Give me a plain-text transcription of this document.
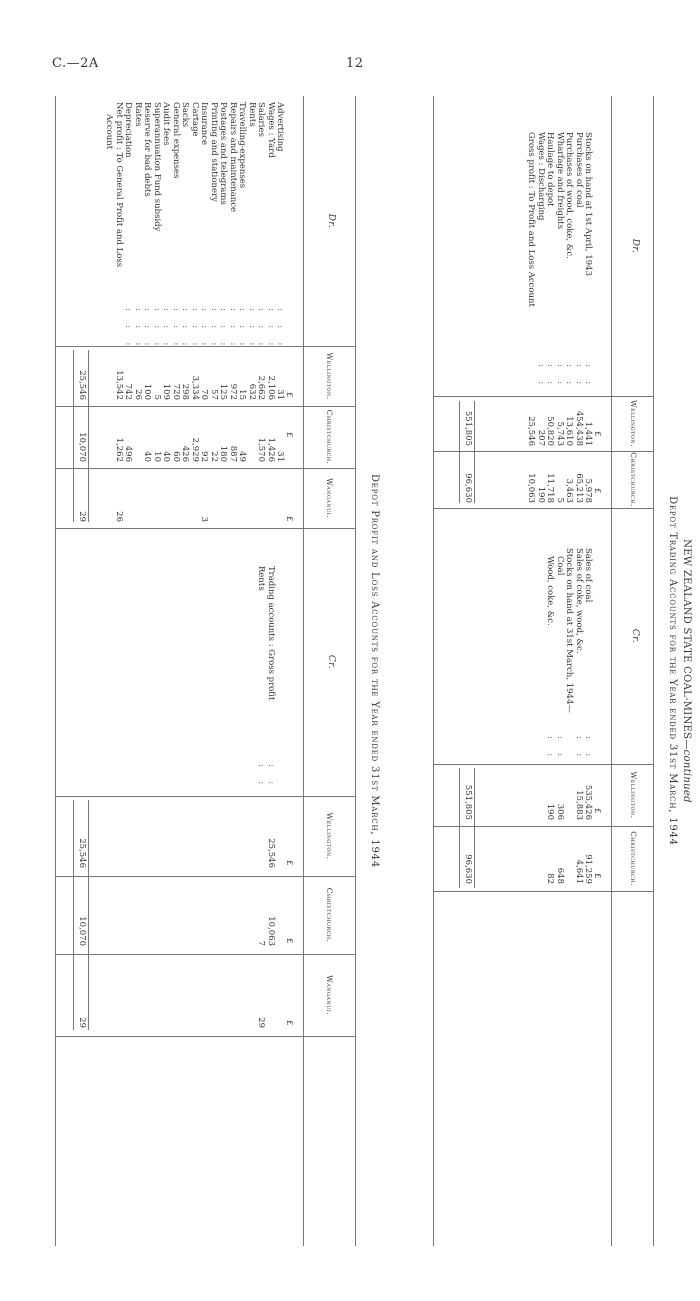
C.—2A	12
NEW ZEALAND STATE COAL-MINES—continued
Depot Trading Accounts for the Year ended 31st March, 1944
Dr.
Wellington.
Christchurch.
Cr.
Wellington.
Christchurch.
£
£
£
£
Stocks on hand at 1st April, 1943
:  :
1,441
5,978
Purchases of coal
:  :
454,438
65,213
Purchases of wood, coke, &c.
:  :
13,610
3,463
Wharfage and freights
:  :
5,743
5
Haulage to depot
:  :
50,820
11,718
Wages : Discharging
:  :
207
190
Gross profit : To Profit and Loss Account
25,546
10,063
Sales of coal
:  :
535,426
91,259
Sales of coke, wood, &c.
:  :
15,883
4,641
Stocks on hand at 31st March, 1944—
Coal
:  :
306
648
Wood, coke, &c.
:  :
190
82
551,805
96,630
551,805
96,630
Depot Profit and Loss Accounts for the Year ended 31st March, 1944
Dr.
Wellington.
Christchurch.
Wanganui.
Cr.
Wellington.
Christchurch.
Wanganui.
£
£
£
£
£
£
Advertising
:  :  :
31
31
Wages : Yard
:  :  :
2,106
1,426
Salaries
:  :  :
2,662
1,570
Rents
:  :  :
632
Travelling-expenses
:  :  :
15
49
Repairs and maintenance
:  :  :
972
887
Postages and telegrams
:  :  :
125
180
Printing and stationery
:  :  :
57
22
Insurance
:  :  :
70
92
3
Cartage
:  :  :
3,334
2,929
Sacks
:  :  :
298
426
General expenses
:  :  :
720
60
Audit fees
:  :  :
109
40
Superannuation Fund subsidy
:  :  :
5
10
Reserve for bad debts
:  :  :
100
40
Rates
:  :  :
26
Depreciation
:  :  :
742
496
Net profit : To General Profit and Loss
13,542
1,262
26
Account
Trading accounts : Gross profit
:  :
25,546
10,063
Rents
:  :
7
29
25,546
10,070
29
25,546
10,070
29
